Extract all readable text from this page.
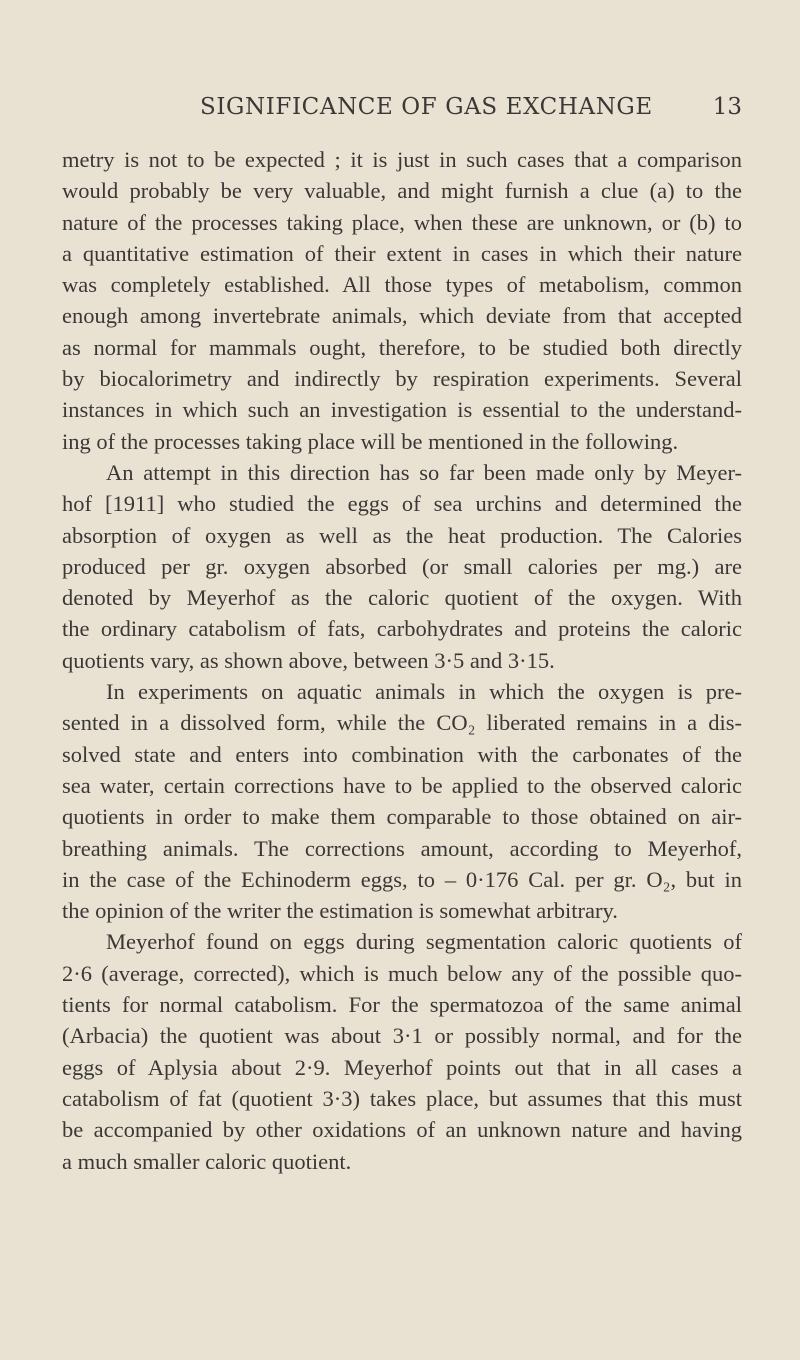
SIGNIFICANCE OF GAS EXCHANGE	13
metry is not to be expected ; it is just in such cases that a comparison
would probably be very valuable, and might furnish a clue (a) to the
nature of the processes taking place, when these are unknown, or (b) to
a quantitative estimation of their extent in cases in which their nature
was completely established. All those types of metabolism, common
enough among invertebrate animals, which deviate from that accepted
as normal for mammals ought, therefore, to be studied both directly
by biocalorimetry and indirectly by respiration experiments. Several
instances in which such an investigation is essential to the understand-
ing of the processes taking place will be mentioned in the following.
An attempt in this direction has so far been made only by Meyer-
hof [1911] who studied the eggs of sea urchins and determined the
absorption of oxygen as well as the heat production. The Calories
produced per gr. oxygen absorbed (or small calories per mg.) are
denoted by Meyerhof as the caloric quotient of the oxygen. With
the ordinary catabolism of fats, carbohydrates and proteins the caloric
quotients vary, as shown above, between 3·5 and 3·15.
In experiments on aquatic animals in which the oxygen is pre-
sented in a dissolved form, while the CO₂ liberated remains in a dis-
solved state and enters into combination with the carbonates of the
sea water, certain corrections have to be applied to the observed caloric
quotients in order to make them comparable to those obtained on air-
breathing animals. The corrections amount, according to Meyerhof,
in the case of the Echinoderm eggs, to – 0·176 Cal. per gr. O₂, but in
the opinion of the writer the estimation is somewhat arbitrary.
Meyerhof found on eggs during segmentation caloric quotients of
2·6 (average, corrected), which is much below any of the possible quo-
tients for normal catabolism. For the spermatozoa of the same animal
(Arbacia) the quotient was about 3·1 or possibly normal, and for the
eggs of Aplysia about 2·9. Meyerhof points out that in all cases a
catabolism of fat (quotient 3·3) takes place, but assumes that this must
be accompanied by other oxidations of an unknown nature and having
a much smaller caloric quotient.
